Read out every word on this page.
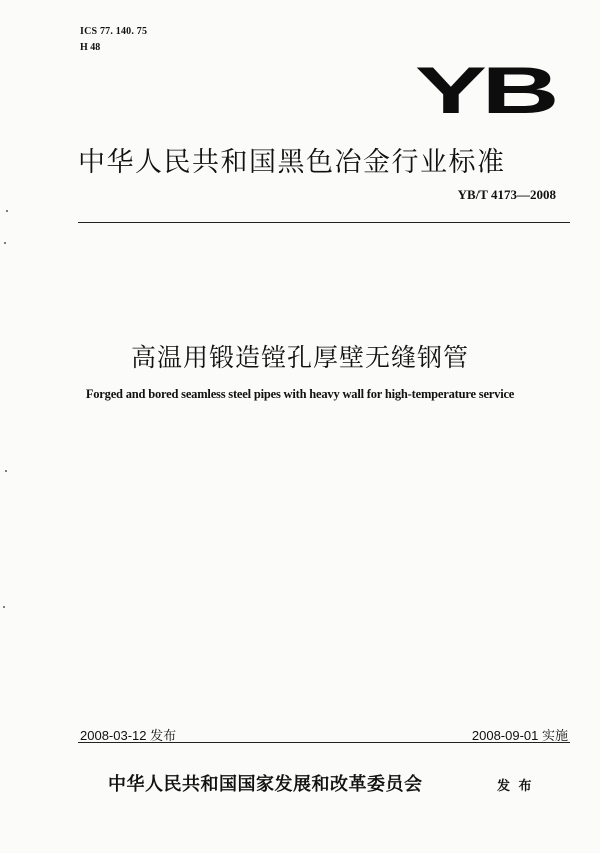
ICS 77. 140. 75
H 48
YB
中华人民共和国黑色冶金行业标准
YB/T 4173—2008
高温用锻造镗孔厚壁无缝钢管
Forged and bored seamless steel pipes with heavy wall for high-temperature service
2008-03-12 发布	2008-09-01 实施
中华人民共和国国家发展和改革委员会	发 布
